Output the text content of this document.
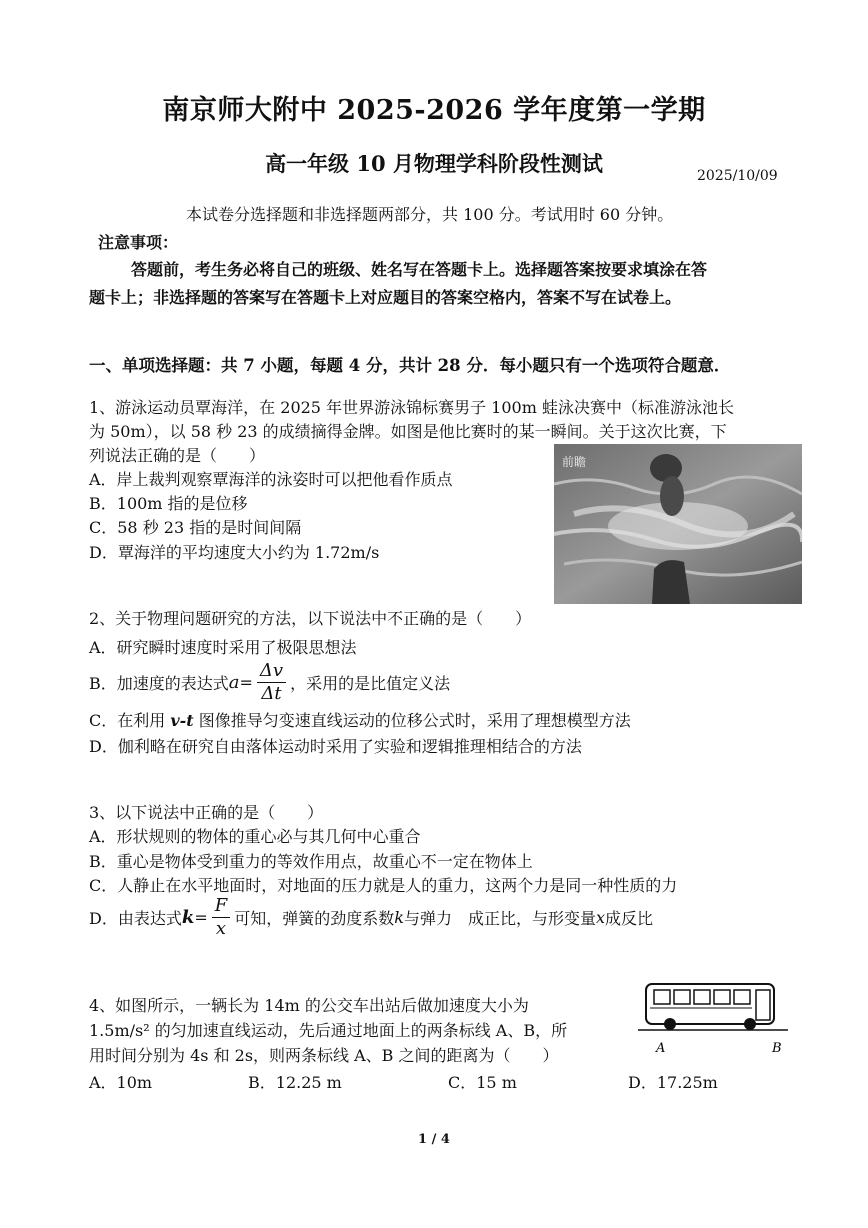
南京师大附中 2025-2026 学年度第一学期
高一年级 10 月物理学科阶段性测试	2025/10/09
本试卷分选择题和非选择题两部分，共 100 分。考试用时 60 分钟。
注意事项：
答题前，考生务必将自己的班级、姓名写在答题卡上。选择题答案按要求填涂在答
题卡上；非选择题的答案写在答题卡上对应题目的答案空格内，答案不写在试卷上。
一、单项选择题：共 7 小题，每题 4 分，共计 28 分．每小题只有一个选项符合题意．
1、游泳运动员覃海洋，在 2025 年世界游泳锦标赛男子 100m 蛙泳决赛中（标准游泳池长
为 50m），以 58 秒 23 的成绩摘得金牌。如图是他比赛时的某一瞬间。关于这次比赛，下
列说法正确的是（　　）
A．岸上裁判观察覃海洋的泳姿时可以把他看作质点
B．100m 指的是位移
C．58 秒 23 指的是时间间隔
D．覃海洋的平均速度大小约为 1.72m/s
前瞻
2、关于物理问题研究的方法，以下说法中不正确的是（　　）
A．研究瞬时速度时采用了极限思想法
B．加速度的表达式 $a = \frac{\Delta v}{\Delta t}$ ，采用的是比值定义法
C．在利用 v-t 图像推导匀变速直线运动的位移公式时，采用了理想模型方法
D．伽利略在研究自由落体运动时采用了实验和逻辑推理相结合的方法
3、以下说法中正确的是（　　）
A．形状规则的物体的重心必与其几何中心重合
B．重心是物体受到重力的等效作用点，故重心不一定在物体上
C．人静止在水平地面时，对地面的压力就是人的重力，这两个力是同一种性质的力
D．由表达式 $k = \frac{F}{x}$ 可知，弹簧的劲度系数 k 与弹力　成正比，与形变量 x 成反比
4、如图所示，一辆长为 14m 的公交车出站后做加速度大小为
1.5m/s² 的匀加速直线运动，先后通过地面上的两条标线 A、B，所
用时间分别为 4s 和 2s，则两条标线 A、B 之间的距离为（　　）
A．10m	B．12.25 m	C．15 m	D．17.25m
A	B
1 / 4
